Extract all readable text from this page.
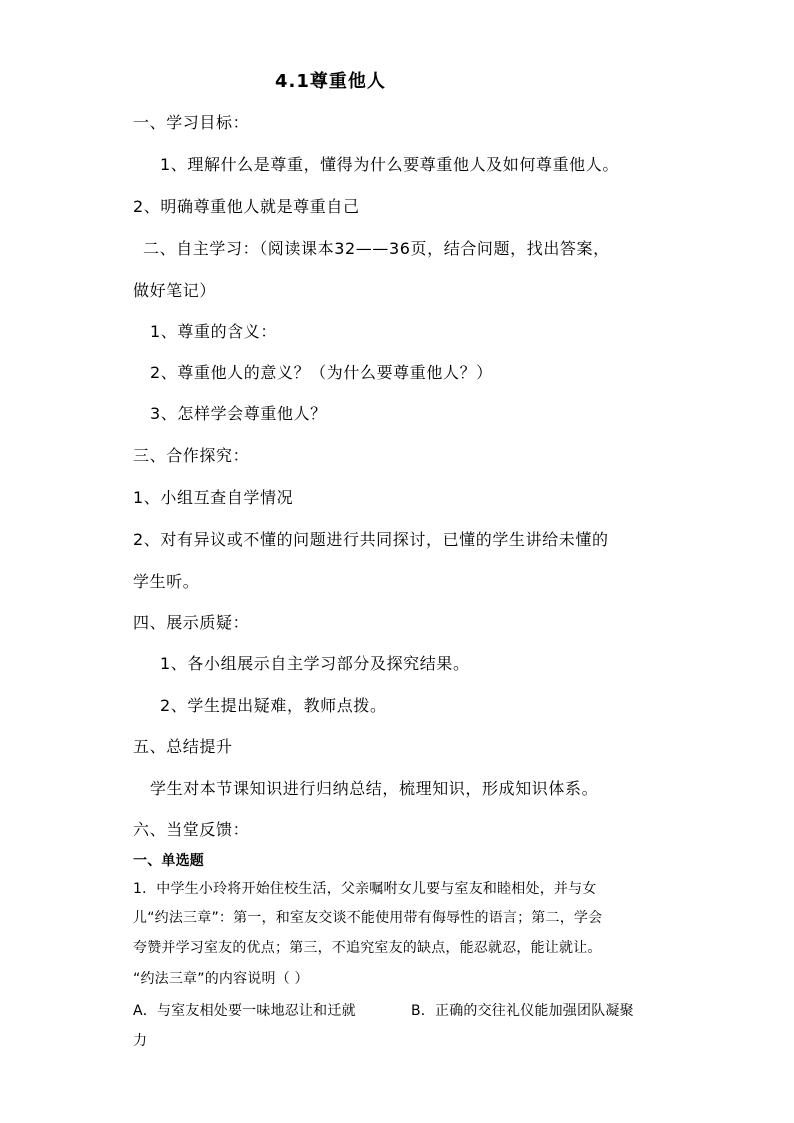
4.1尊重他人
一、学习目标：
1、理解什么是尊重，懂得为什么要尊重他人及如何尊重他人。
2、明确尊重他人就是尊重自己
二、自主学习：（阅读课本32——36页，结合问题，找出答案，
做好笔记）
1、尊重的含义：
2、尊重他人的意义？（为什么要尊重他人？）
3、怎样学会尊重他人？
三、合作探究：
1、小组互查自学情况
2、对有异议或不懂的问题进行共同探讨，已懂的学生讲给未懂的
学生听。
四、展示质疑：
1、各小组展示自主学习部分及探究结果。
2、学生提出疑难，教师点拨。
五、总结提升
学生对本节课知识进行归纳总结，梳理知识，形成知识体系。
六、当堂反馈：
一、单选题
1．中学生小玲将开始住校生活，父亲嘱咐女儿要与室友和睦相处，并与女
儿“约法三章”：第一，和室友交谈不能使用带有侮辱性的语言；第二，学会
夸赞并学习室友的优点；第三，不追究室友的缺点，能忍就忍，能让就让。
“约法三章”的内容说明（ ）
A．与室友相处要一味地忍让和迁就	B．正确的交往礼仪能加强团队凝聚
力
